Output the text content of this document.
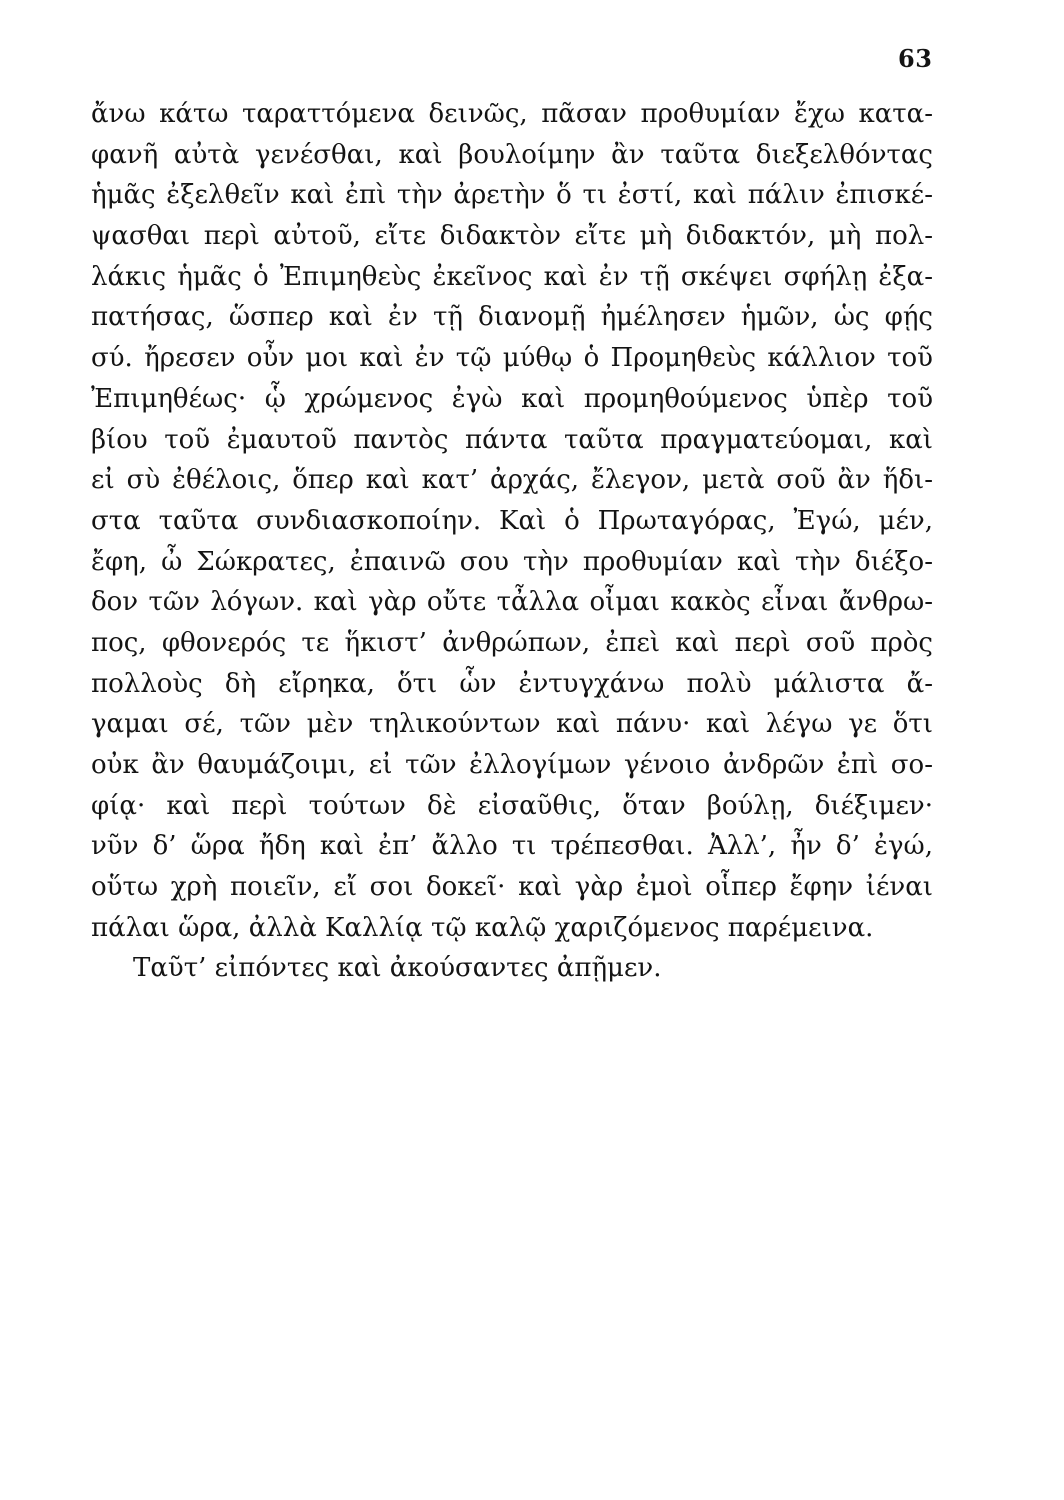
63
ἄνω κάτω ταραττόμενα δεινῶς, πᾶσαν προθυμίαν ἔχω κατα-
φανῆ αὐτὰ γενέσθαι, καὶ βουλοίμην ἂν ταῦτα διεξελθόντας
ἡμᾶς ἐξελθεῖν καὶ ἐπὶ τὴν ἀρετὴν ὅ τι ἐστί, καὶ πάλιν ἐπισκέ-
ψασθαι περὶ αὐτοῦ, εἴτε διδακτὸν εἴτε μὴ διδακτόν, μὴ πολ-
λάκις ἡμᾶς ὁ Ἐπιμηθεὺς ἐκεῖνος καὶ ἐν τῇ σκέψει σφήλῃ ἐξα-
πατήσας, ὥσπερ καὶ ἐν τῇ διανομῇ ἠμέλησεν ἡμῶν, ὡς φῄς
σύ. ἤρεσεν οὖν μοι καὶ ἐν τῷ μύθῳ ὁ Προμηθεὺς κάλλιον τοῦ
Ἐπιμηθέως· ᾧ χρώμενος ἐγὼ καὶ προμηθούμενος ὑπὲρ τοῦ
βίου τοῦ ἐμαυτοῦ παντὸς πάντα ταῦτα πραγματεύομαι, καὶ
εἰ σὺ ἐθέλοις, ὅπερ καὶ κατ’ ἀρχάς, ἔλεγον, μετὰ σοῦ ἂν ἥδι-
στα ταῦτα συνδιασκοποίην. Καὶ ὁ Πρωταγόρας, Ἐγώ, μέν,
ἔφη, ὦ Σώκρατες, ἐπαινῶ σου τὴν προθυμίαν καὶ τὴν διέξο-
δον τῶν λόγων. καὶ γὰρ οὔτε τἆλλα οἶμαι κακὸς εἶναι ἄνθρω-
πος, φθονερός τε ἥκιστ’ ἀνθρώπων, ἐπεὶ καὶ περὶ σοῦ πρὸς
πολλοὺς δὴ εἴρηκα, ὅτι ὧν ἐντυγχάνω πολὺ μάλιστα ἄ-
γαμαι σέ, τῶν μὲν τηλικούντων καὶ πάνυ· καὶ λέγω γε ὅτι
οὐκ ἂν θαυμάζοιμι, εἰ τῶν ἐλλογίμων γένοιο ἀνδρῶν ἐπὶ σο-
φίᾳ· καὶ περὶ τούτων δὲ εἰσαῦθις, ὅταν βούλῃ, διέξιμεν·
νῦν δ’ ὥρα ἤδη καὶ ἐπ’ ἄλλο τι τρέπεσθαι. Ἀλλ’, ἦν δ’ ἐγώ,
οὕτω χρὴ ποιεῖν, εἴ σοι δοκεῖ· καὶ γὰρ ἐμοὶ οἷπερ ἔφην ἰέναι
πάλαι ὥρα, ἀλλὰ Καλλίᾳ τῷ καλῷ χαριζόμενος παρέμεινα.
Ταῦτ’ εἰπόντες καὶ ἀκούσαντες ἀπῇμεν.
